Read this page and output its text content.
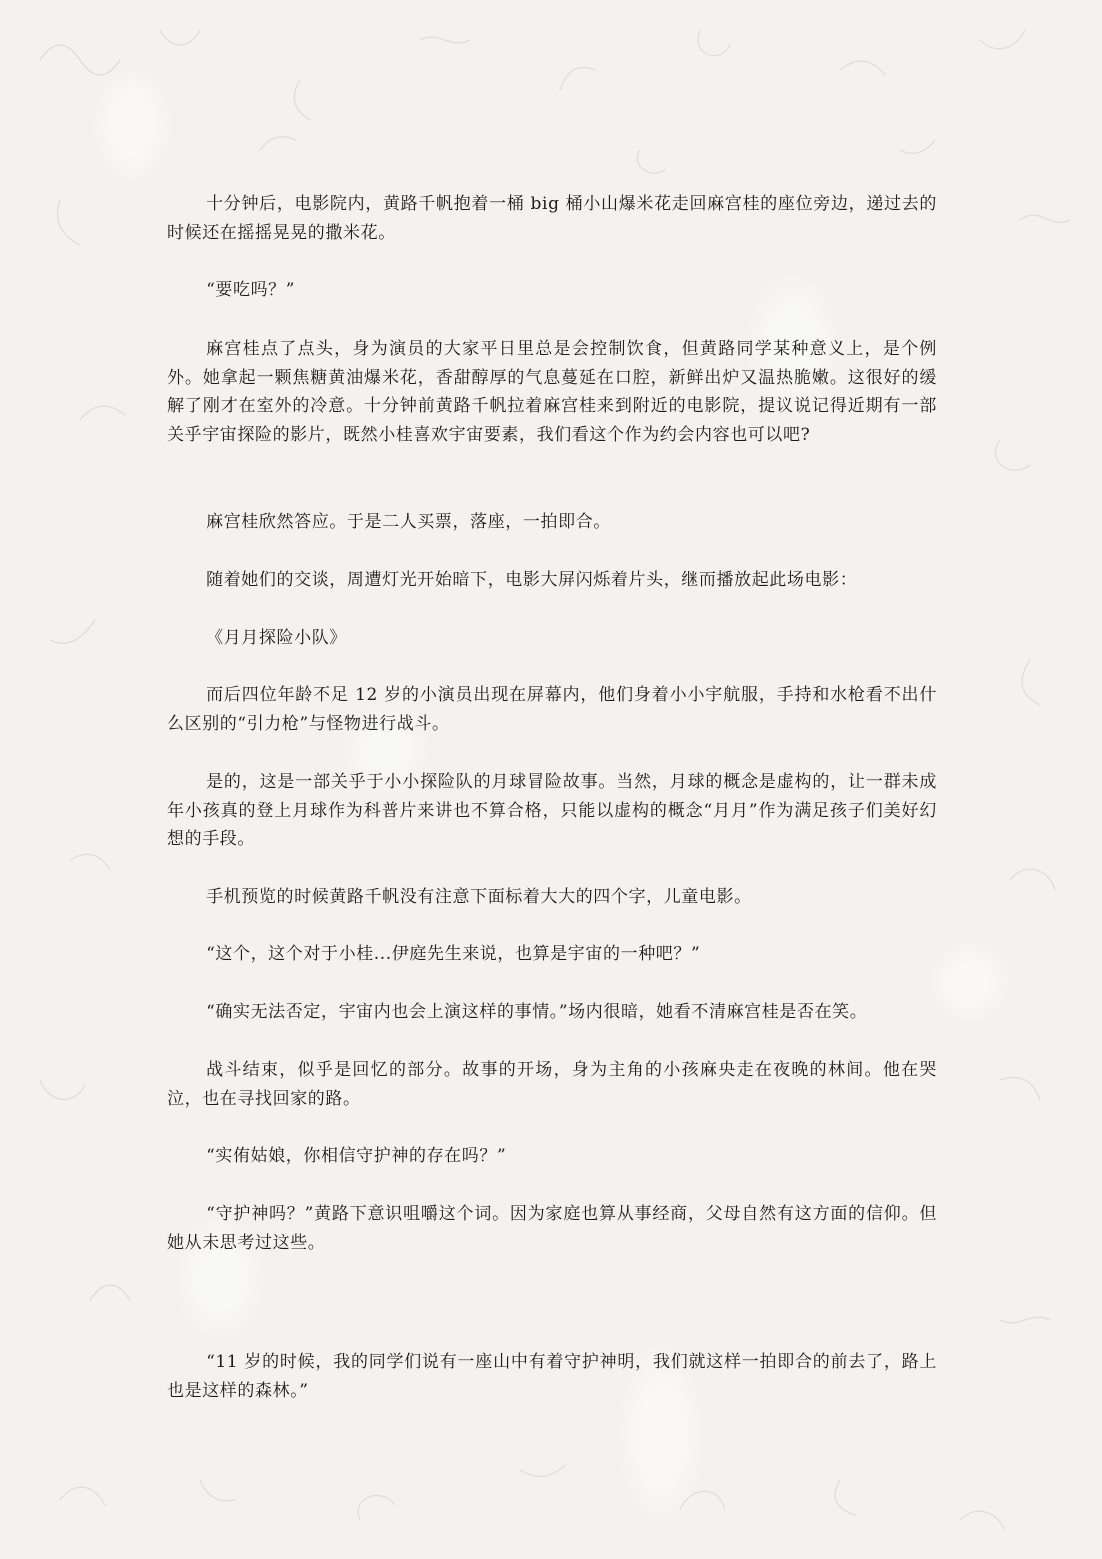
十分钟后，电影院内，黄路千帆抱着一桶 big 桶小山爆米花走回麻宫桂的座位旁边，递过去的时候还在摇摇晃晃的撒米花。

“要吃吗？”

麻宫桂点了点头，身为演员的大家平日里总是会控制饮食，但黄路同学某种意义上，是个例外。她拿起一颗焦糖黄油爆米花，香甜醇厚的气息蔓延在口腔，新鲜出炉又温热脆嫩。这很好的缓解了刚才在室外的冷意。十分钟前黄路千帆拉着麻宫桂来到附近的电影院，提议说记得近期有一部关乎宇宙探险的影片，既然小桂喜欢宇宙要素，我们看这个作为约会内容也可以吧?

麻宫桂欣然答应。于是二人买票，落座，一拍即合。

随着她们的交谈，周遭灯光开始暗下，电影大屏闪烁着片头，继而播放起此场电影：

《月月探险小队》

而后四位年龄不足 12 岁的小演员出现在屏幕内，他们身着小小宇航服，手持和水枪看不出什么区别的“引力枪”与怪物进行战斗。

是的，这是一部关乎于小小探险队的月球冒险故事。当然，月球的概念是虚构的，让一群未成年小孩真的登上月球作为科普片来讲也不算合格，只能以虚构的概念“月月”作为满足孩子们美好幻想的手段。

手机预览的时候黄路千帆没有注意下面标着大大的四个字，儿童电影。

“这个，这个对于小桂...伊庭先生来说，也算是宇宙的一种吧？”

“确实无法否定，宇宙内也会上演这样的事情。”场内很暗，她看不清麻宫桂是否在笑。

战斗结束，似乎是回忆的部分。故事的开场，身为主角的小孩麻央走在夜晚的林间。他在哭泣，也在寻找回家的路。

“实侑姑娘，你相信守护神的存在吗？”

“守护神吗？”黄路下意识咀嚼这个词。因为家庭也算从事经商，父母自然有这方面的信仰。但她从未思考过这些。

“11 岁的时候，我的同学们说有一座山中有着守护神明，我们就这样一拍即合的前去了，路上也是这样的森林。”
